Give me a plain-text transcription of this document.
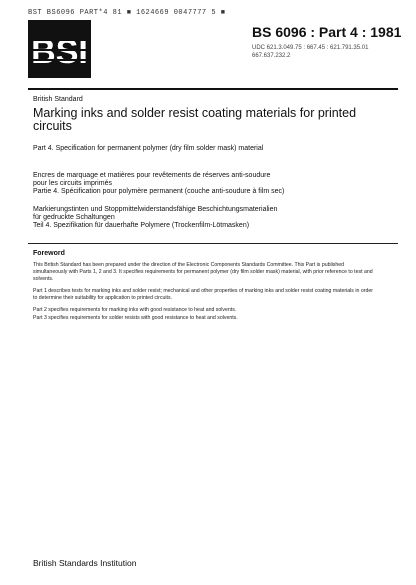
BST BS6096 PART*4 81 ■ 1624669 0047777 5 ■
BSI
BS 6096 : Part 4 : 1981
UDC 621.3.049.75 : 667.45 : 621.791.35.01
667.637.232.2
British Standard
Marking inks and solder resist coating materials for printed circuits
Part 4. Specification for permanent polymer (dry film solder mask) material
Encres de marquage et matières pour revêtements de réserves anti-soudure
pour les circuits imprimés
Partie 4. Spécification pour polymère permanent (couche anti-soudure à film sec)
Markierungstinten und Stoppmittelwiderstandsfähige Beschichtungsmaterialien
für gedruckte Schaltungen
Teil 4. Spezifikation für dauerhafte Polymere (Trockenfilm-Lötmasken)
Foreword
This British Standard has been prepared under the direction of the Electronic Components Standards Committee. This Part is published simultaneously with Parts 1, 2 and 3. It specifies requirements for permanent polymer (dry film solder mask) material, with prior reference to test and solvents.
Part 1 describes tests for marking inks and solder resist; mechanical and other properties of marking inks and solder resist coating materials in order to determine their suitability for application to printed circuits.
Part 2 specifies requirements for marking inks with good resistance to heat and solvents.
Part 3 specifies requirements for solder resists with good resistance to heat and solvents.
British Standards Institution
